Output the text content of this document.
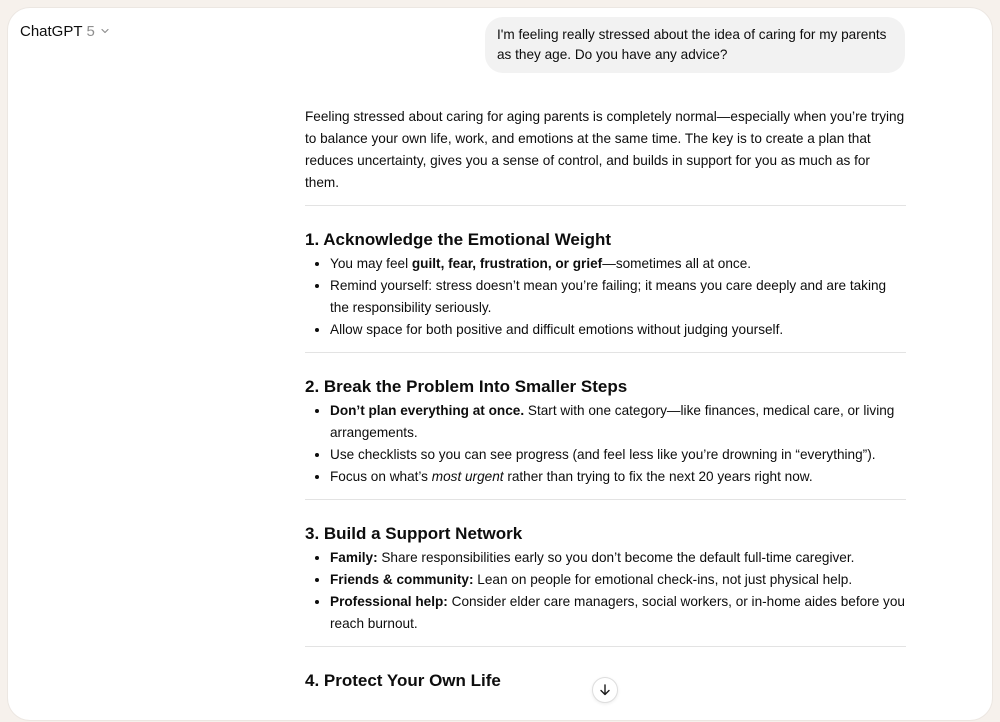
ChatGPT 5	I'm feeling really stressed about the idea of caring for my parents as they age. Do you have any advice?

Feeling stressed about caring for aging parents is completely normal—especially when you’re trying to balance your own life, work, and emotions at the same time. The key is to create a plan that reduces uncertainty, gives you a sense of control, and builds in support for you as much as for them.

1. Acknowledge the Emotional Weight
• You may feel guilt, fear, frustration, or grief—sometimes all at once.
• Remind yourself: stress doesn’t mean you’re failing; it means you care deeply and are taking the responsibility seriously.
• Allow space for both positive and difficult emotions without judging yourself.
2. Break the Problem Into Smaller Steps
• Don’t plan everything at once. Start with one category—like finances, medical care, or living arrangements.
• Use checklists so you can see progress (and feel less like you’re drowning in “everything”).
• Focus on what’s most urgent rather than trying to fix the next 20 years right now.
3. Build a Support Network
• Family: Share responsibilities early so you don’t become the default full-time caregiver.
• Friends & community: Lean on people for emotional check-ins, not just physical help.
• Professional help: Consider elder care managers, social workers, or in-home aides before you reach burnout.
4. Protect Your Own Life
